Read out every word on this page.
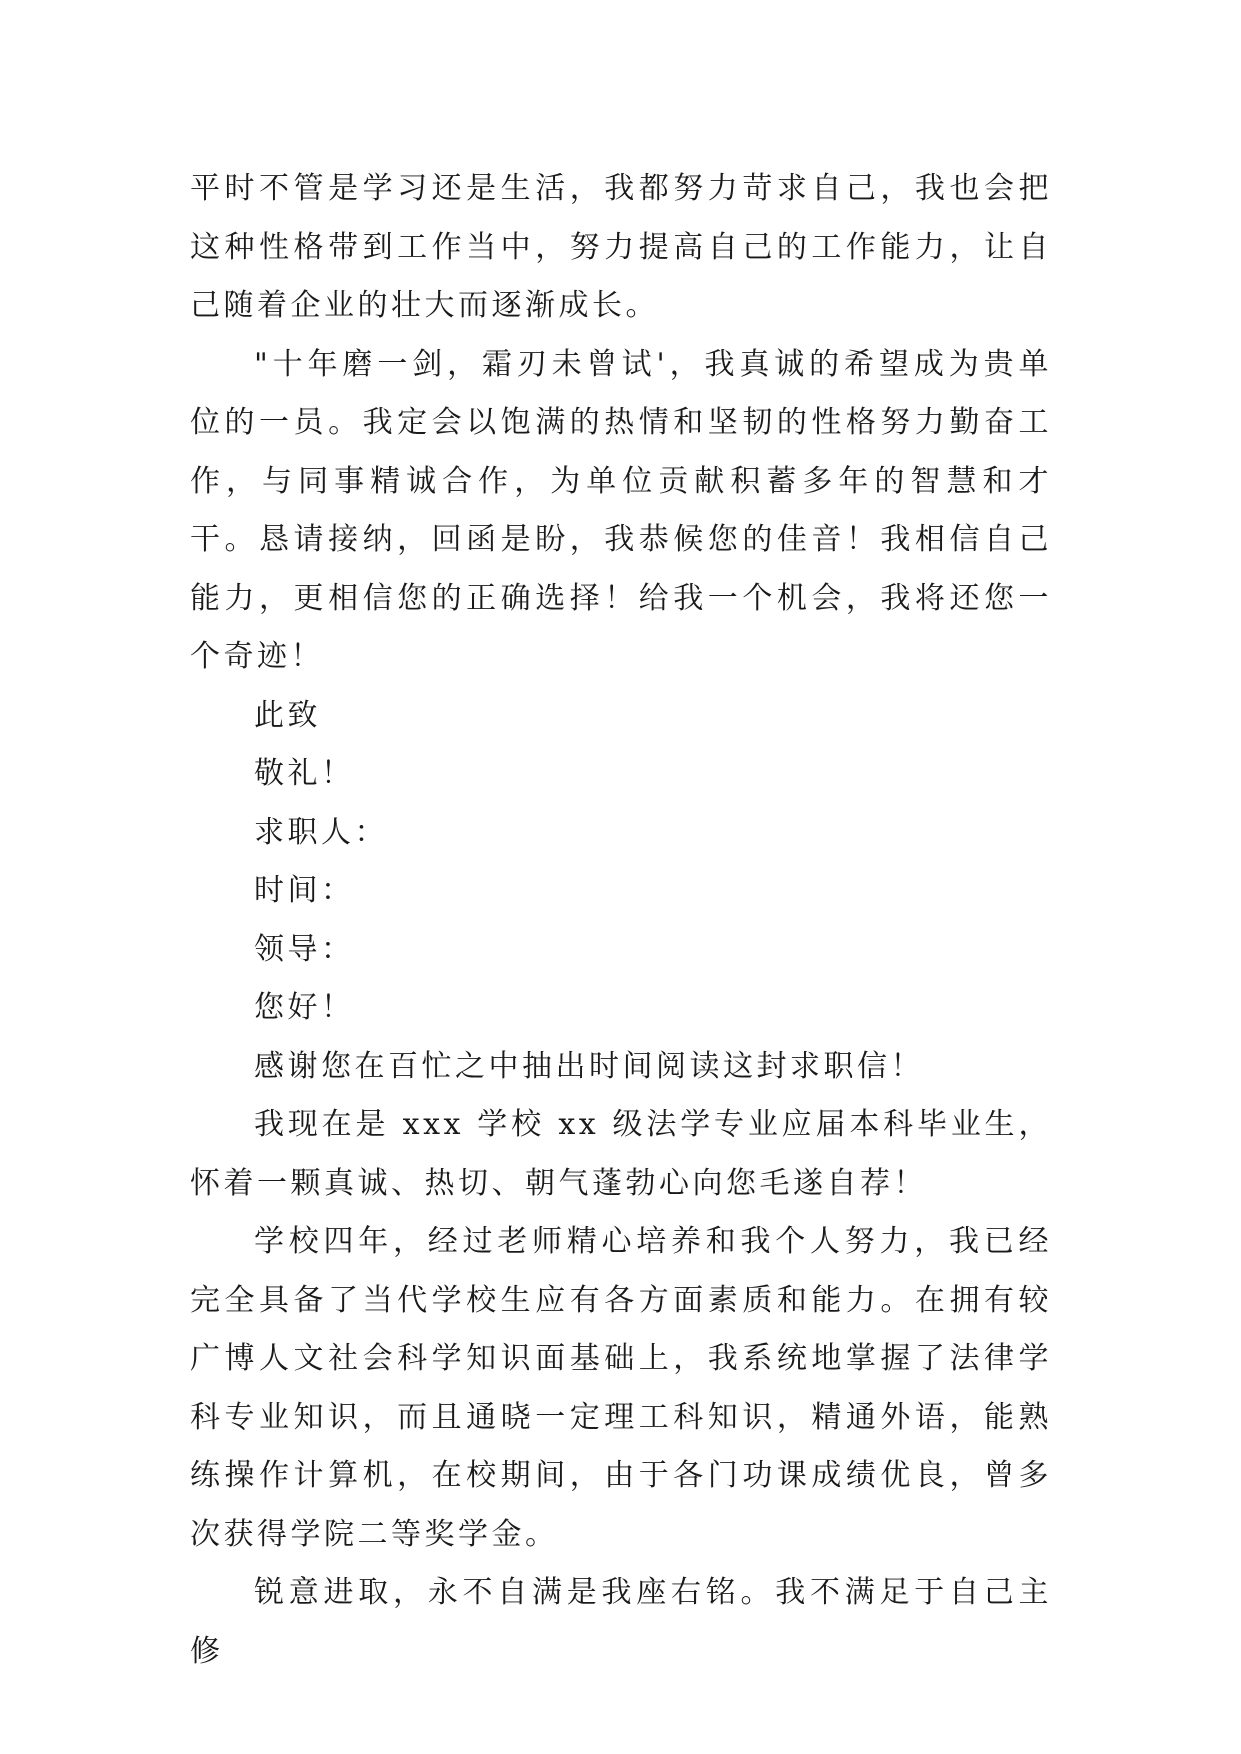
平时不管是学习还是生活，我都努力苛求自己，我也会把这种性格带到工作当中，努力提高自己的工作能力，让自己随着企业的壮大而逐渐成长。

"十年磨一剑，霜刃未曾试'，我真诚的希望成为贵单位的一员。我定会以饱满的热情和坚韧的性格努力勤奋工作，与同事精诚合作，为单位贡献积蓄多年的智慧和才干。恳请接纳，回函是盼，我恭候您的佳音！我相信自己能力，更相信您的正确选择！给我一个机会，我将还您一个奇迹！

此致

敬礼！

求职人：

时间：

领导：

您好！

感谢您在百忙之中抽出时间阅读这封求职信！

我现在是 xxx 学校 xx 级法学专业应届本科毕业生，怀着一颗真诚、热切、朝气蓬勃心向您毛遂自荐！

学校四年，经过老师精心培养和我个人努力，我已经完全具备了当代学校生应有各方面素质和能力。在拥有较广博人文社会科学知识面基础上，我系统地掌握了法律学科专业知识，而且通晓一定理工科知识，精通外语，能熟练操作计算机，在校期间，由于各门功课成绩优良，曾多次获得学院二等奖学金。

锐意进取，永不自满是我座右铭。我不满足于自己主修
